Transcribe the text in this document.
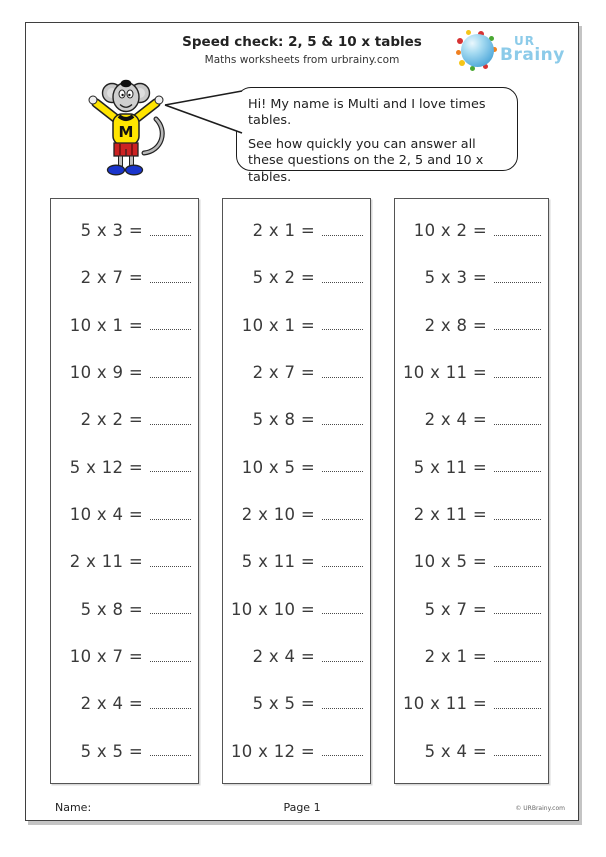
Speed check: 2, 5 & 10 x tables
Maths worksheets from urbrainy.com
UR
Brainy
M

Hi! My name is Multi and I love times tables.

See how quickly you can answer all these questions on the 2, 5 and 10 x tables.

5 x 3 =
2 x 7 =
10 x 1 =
10 x 9 =
2 x 2 =
5 x 12 =
10 x 4 =
2 x 11 =
5 x 8 =
10 x 7 =
2 x 4 =
5 x 5 =
2 x 1 =
5 x 2 =
10 x 1 =
2 x 7 =
5 x 8 =
10 x 5 =
2 x 10 =
5 x 11 =
10 x 10 =
2 x 4 =
5 x 5 =
10 x 12 =
10 x 2 =
5 x 3 =
2 x 8 =
10 x 11 =
2 x 4 =
5 x 11 =
2 x 11 =
10 x 5 =
5 x 7 =
2 x 1 =
10 x 11 =
5 x 4 =
Name:	Page 1	© URBrainy.com
